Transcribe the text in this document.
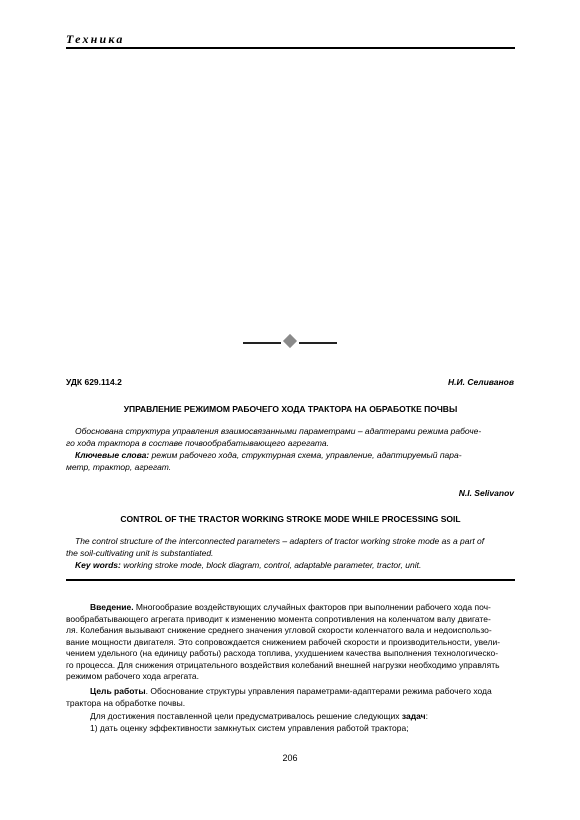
Техника
УДК 629.114.2	Н.И. Селиванов
УПРАВЛЕНИЕ РЕЖИМОМ РАБОЧЕГО ХОДА ТРАКТОРА НА ОБРАБОТКЕ ПОЧВЫ
Обоснована структура управления взаимосвязанными параметрами – адаптерами режима рабоче-
го хода трактора в составе почвообрабатывающего агрегата.
Ключевые слова: режим рабочего хода, структурная схема, управление, адаптируемый пара-
метр, трактор, агрегат.
N.I. Selivanov
CONTROL OF THE TRACTOR WORKING STROKE MODE WHILE PROCESSING SOIL
The control structure of the interconnected parameters – adapters of tractor working stroke mode as a part of
the soil-cultivating unit is substantiated.
Key words: working stroke mode, block diagram, control, adaptable parameter, tractor, unit.
Введение. Многообразие воздействующих случайных факторов при выполнении рабочего хода поч-
вообрабатывающего агрегата приводит к изменению момента сопротивления на коленчатом валу двигате-
ля. Колебания вызывают снижение среднего значения угловой скорости коленчатого вала и недоиспользо-
вание мощности двигателя. Это сопровождается снижением рабочей скорости и производительности, увели-
чением удельного (на единицу работы) расхода топлива, ухудшением качества выполнения технологическо-
го процесса. Для снижения отрицательного воздействия колебаний внешней нагрузки необходимо управлять
режимом рабочего хода агрегата.
Цель работы. Обоснование структуры управления параметрами-адаптерами режима рабочего хода
трактора на обработке почвы.
Для достижения поставленной цели предусматривалось решение следующих задач:
1) дать оценку эффективности замкнутых систем управления работой трактора;
206
